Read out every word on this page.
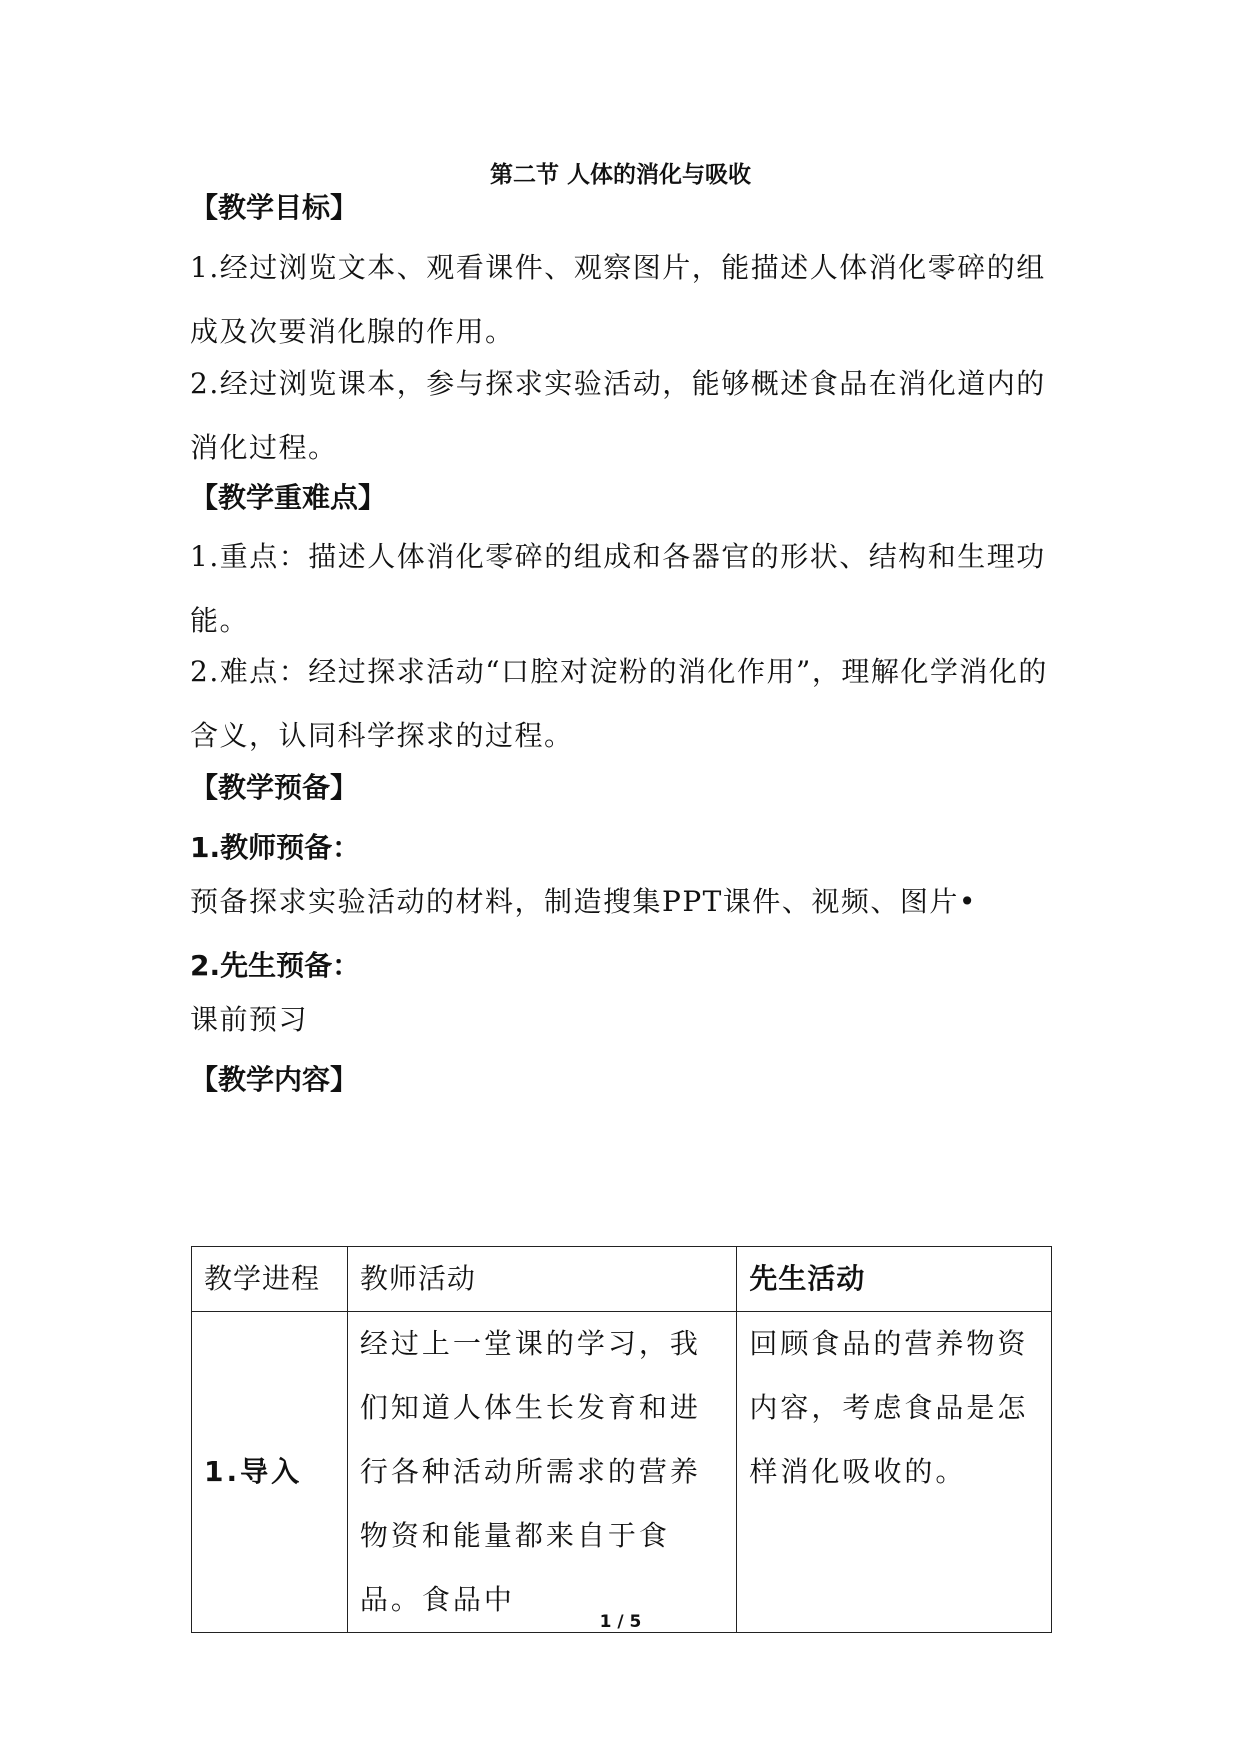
第二节 人体的消化与吸收
【教学目标】
1.经过浏览文本、观看课件、观察图片，能描述人体消化零碎的组成及次要消化腺的作用。
2.经过浏览课本，参与探求实验活动，能够概述食品在消化道内的消化过程。
【教学重难点】
1.重点：描述人体消化零碎的组成和各器官的形状、结构和生理功能。
2.难点：经过探求活动“口腔对淀粉的消化作用”，理解化学消化的含义，认同科学探求的过程。
【教学预备】
1.教师预备：
预备探求实验活动的材料，制造搜集PPT课件、视频、图片•
2.先生预备：
课前预习
【教学内容】
教学进程	教师活动	先生活动
1.导入	经过上一堂课的学习，我们知道人体生长发育和进行各种活动所需求的营养物资和能量都来自于食品。食品中	回顾食品的营养物资内容，考虑食品是怎样消化吸收的。
1 / 5
